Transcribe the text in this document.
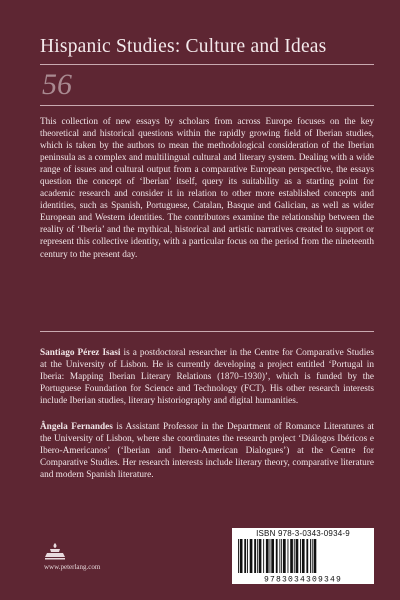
Hispanic Studies: Culture and Ideas
56

This collection of new essays by scholars from across Europe focuses on the key theoretical and historical questions within the rapidly growing field of Iberian studies, which is taken by the authors to mean the methodological consideration of the Iberian peninsula as a complex and multilingual cultural and literary system. Dealing with a wide range of issues and cultural output from a comparative European perspective, the essays question the concept of ‘Iberian’ itself, query its suitability as a starting point for academic research and consider it in relation to other more established concepts and identities, such as Spanish, Portuguese, Catalan, Basque and Galician, as well as wider European and Western identities. The contributors examine the relationship between the reality of ‘Iberia’ and the mythical, historical and artistic narratives created to support or represent this collective identity, with a particular focus on the period from the nineteenth century to the present day.

Santiago Pérez Isasi is a postdoctoral researcher in the Centre for Comparative Studies at the University of Lisbon. He is currently developing a project entitled ‘Portugal in Iberia: Mapping Iberian Literary Relations (1870–1930)’, which is funded by the Portuguese Foundation for Science and Technology (FCT). His other research interests include Iberian studies, literary historiography and digital humanities.

Ângela Fernandes is Assistant Professor in the Department of Romance Literatures at the University of Lisbon, where she coordinates the research project ‘Diálogos Ibéricos e Ibero-Americanos’ (‘Iberian and Ibero-American Dialogues’) at the Centre for Comparative Studies. Her research interests include literary theory, comparative literature and modern Spanish literature.

www.peterlang.com
ISBN 978-3-0343-0934-9
9783034309349
